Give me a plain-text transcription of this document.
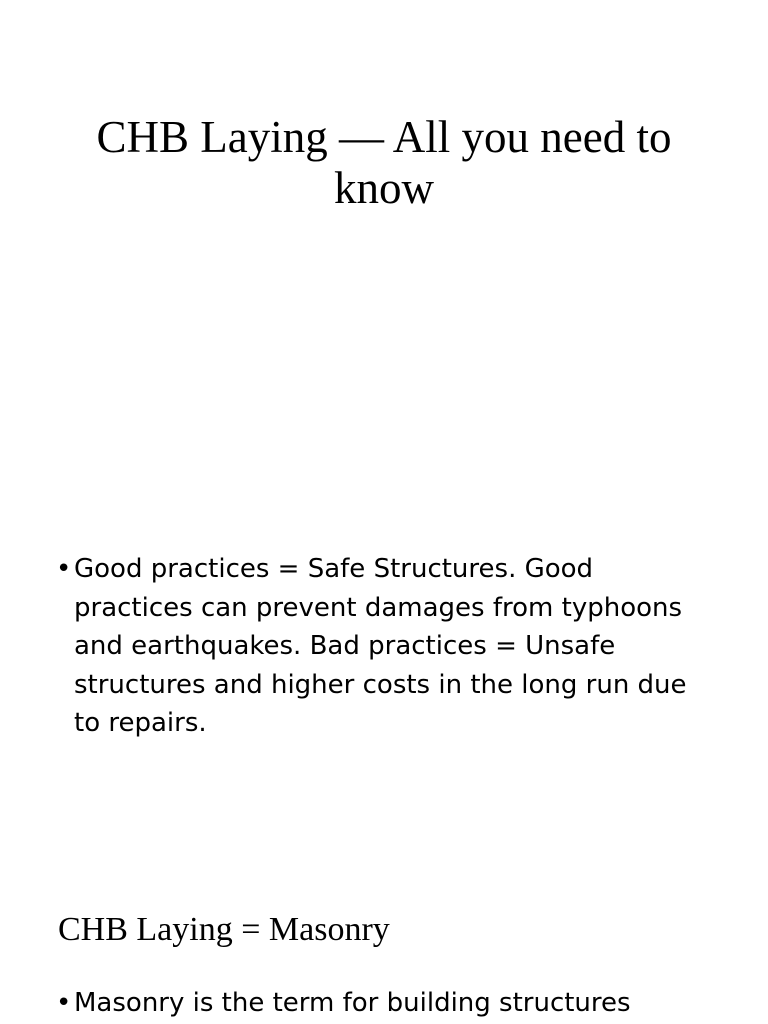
CHB Laying — All you need to know
• Good practices = Safe Structures. Good practices can prevent damages from typhoons and earthquakes. Bad practices = Unsafe structures and higher costs in the long run due to repairs.
CHB Laying = Masonry
• Masonry is the term for building structures
